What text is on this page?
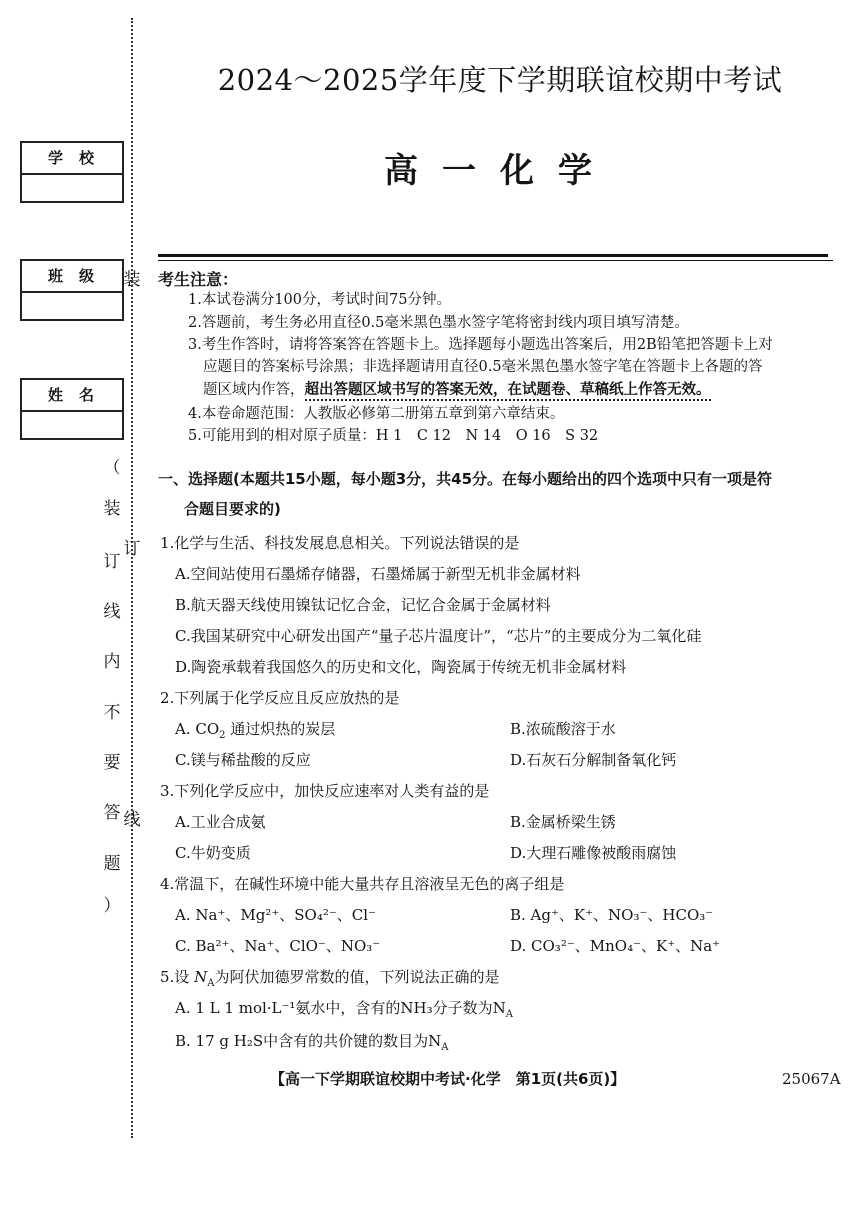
装
订
线
学校
班级
姓名
（
装
订
线
内
不
要
答
题
）
2024～2025学年度下学期联谊校期中考试
高一化学
考生注意：
1.本试卷满分100分，考试时间75分钟。
2.答题前，考生务必用直径0.5毫米黑色墨水签字笔将密封线内项目填写清楚。
3.考生作答时，请将答案答在答题卡上。选择题每小题选出答案后，用2B铅笔把答题卡上对
应题目的答案标号涂黑；非选择题请用直径0.5毫米黑色墨水签字笔在答题卡上各题的答
题区域内作答，超出答题区域书写的答案无效，在试题卷、草稿纸上作答无效。
4.本卷命题范围：人教版必修第二册第五章到第六章结束。
5.可能用到的相对原子质量：H 1　C 12　N 14　O 16　S 32
一、选择题(本题共15小题，每小题3分，共45分。在每小题给出的四个选项中只有一项是符
合题目要求的)
1.化学与生活、科技发展息息相关。下列说法错误的是
A.空间站使用石墨烯存储器，石墨烯属于新型无机非金属材料
B.航天器天线使用镍钛记忆合金，记忆合金属于金属材料
C.我国某研究中心研发出国产“量子芯片温度计”，“芯片”的主要成分为二氧化硅
D.陶瓷承载着我国悠久的历史和文化，陶瓷属于传统无机非金属材料
2.下列属于化学反应且反应放热的是
A. $CO_2$ 通过炽热的炭层	B.浓硫酸溶于水
C.镁与稀盐酸的反应	D.石灰石分解制备氧化钙
3.下列化学反应中，加快反应速率对人类有益的是
A.工业合成氨	B.金属桥梁生锈
C.牛奶变质	D.大理石雕像被酸雨腐蚀
4.常温下，在碱性环境中能大量共存且溶液呈无色的离子组是
A. Na⁺、Mg²⁺、SO₄²⁻、Cl⁻	B. Ag⁺、K⁺、NO₃⁻、HCO₃⁻
C. Ba²⁺、Na⁺、ClO⁻、NO₃⁻	D. CO₃²⁻、MnO₄⁻、K⁺、Na⁺
5.设 $N_A$为阿伏加德罗常数的值，下列说法正确的是
A. 1 L 1 mol·L⁻¹氨水中，含有的NH₃分子数为$N_A$
B. 17 g H₂S中含有的共价键的数目为$N_A$
【高一下学期联谊校期中考试·化学　第1页(共6页)】	25067A
